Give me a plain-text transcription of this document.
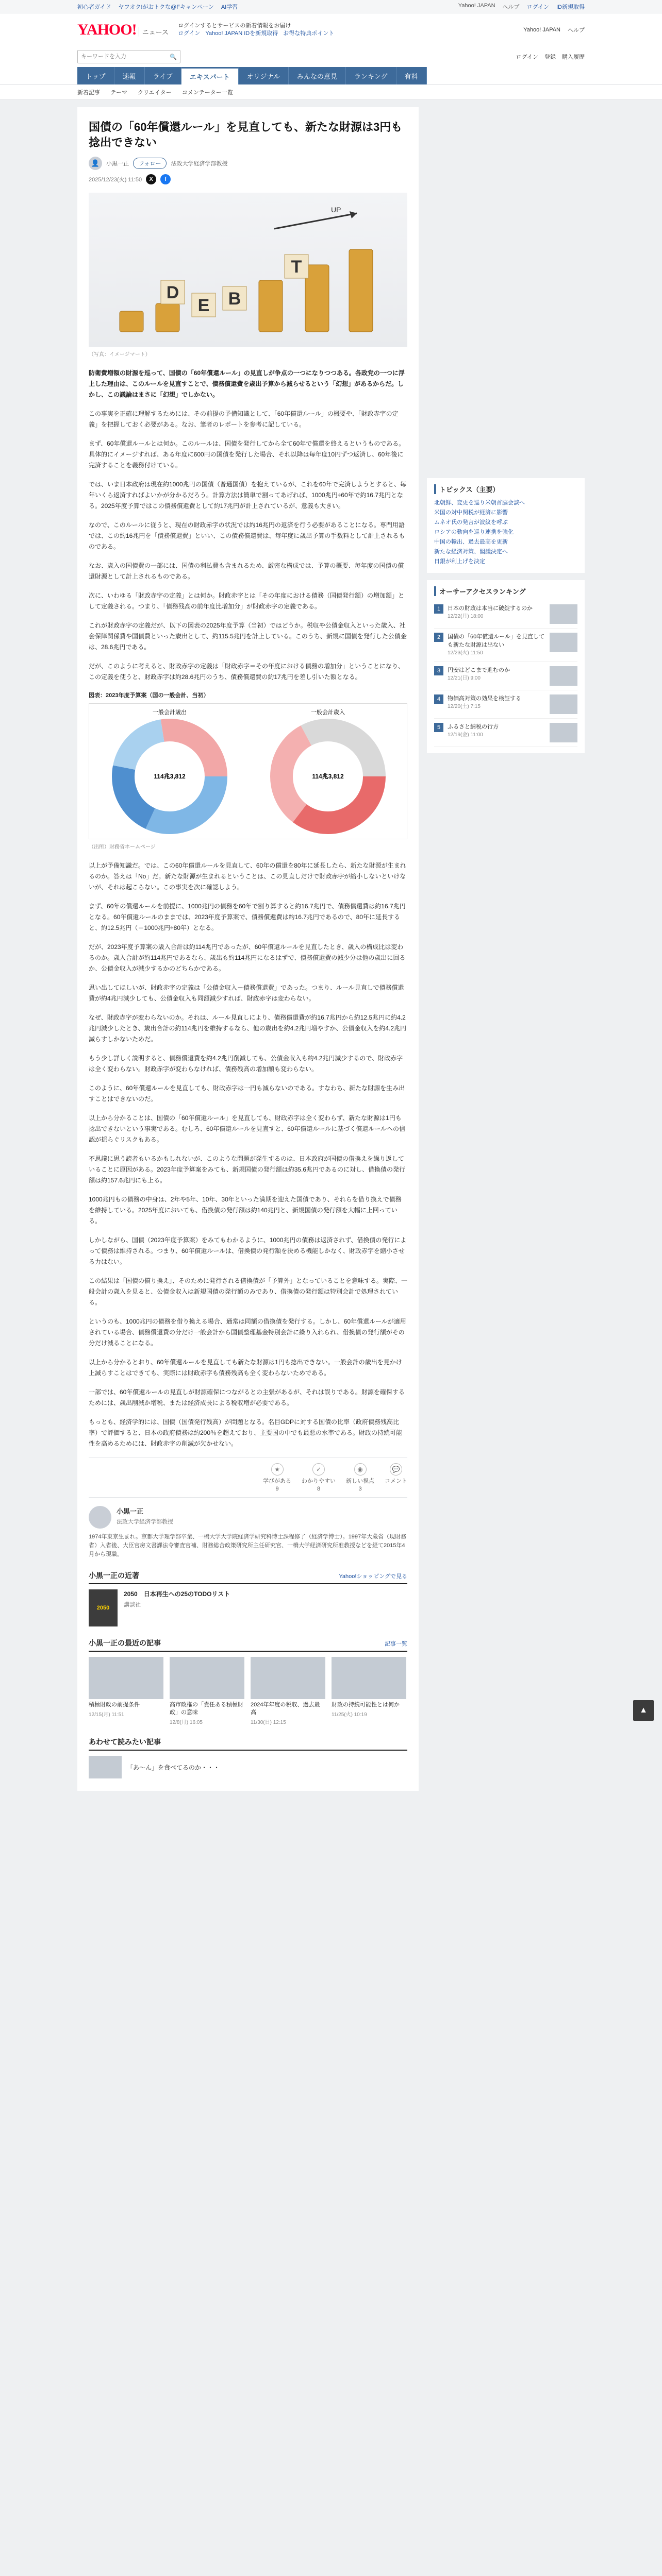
初心者ガイド ヤフオク!がおトクな@Fキャンペーン AI学習	Yahoo! JAPAN ヘルプ ログイン ID新規取得
YAHOO! ニュース
ログインするとサービスの新着情報をお届け
ログイン Yahoo! JAPAN IDを新規取得 お得な特典ポイント
Yahoo! JAPAN ヘルプ
キーワードを入力
🔍	ログイン 登録 購入履歴
トップ	速報	ライブ	エキスパート	オリジナル	みんなの意見	ランキング	有料
新着記事 テーマ クリエイター コメンテーター一覧
国債の「60年償還ルール」を見直しても、新たな財源は3円も捻出できない
👤	小黒一正	フォロー	法政大学経済学部教授
2025/12/23(火) 11:50	X	f
D
E B
T
UP
（写真：イメージマート）

防衛費増額の財源を巡って、国債の「60年償還ルール」の見直しが争点の一つになりつつある。各政党の一つに浮上した理由は、このルールを見直すことで、債務償還費を歳出予算から減らせるという「幻想」があるからだ。しかし、この議論はまさに「幻想」でしかない。

この事実を正確に理解するためには、その前提の予備知識として、「60年償還ルール」の概要や、「財政赤字の定義」を把握しておく必要がある。なお、筆者のレポートを参考に記している。

まず、60年償還ルールとは何か。このルールは、国債を発行してから全て60年で償還を終えるというものである。具体的にイメージすれば、ある年度に600円の国債を発行した場合、それ以降は毎年度10円ずつ返済し、60年後に完済することを義務付けている。

では、いま日本政府は現在約1000兆円の国債（普通国債）を抱えているが、これを60年で完済しようとすると、毎年いくら返済すればよいかが分かるだろう。計算方法は簡単で割ってあげれば、1000兆円÷60年で約16.7兆円となる。2025年度予算ではこの債務償還費として約17兆円が計上されているが、意義も大きい。

なので、このルールに従うと、現在の財政赤字の状況では約16兆円の返済を行う必要があることになる。専門用語では、この約16兆円を「債務償還費」といい、この債務償還費は、毎年度に歳出予算の手数料として計上されるものである。

なお、歳入の国債費の一部には、国債の利払費も含まれるため、厳密な構成では、予算の概要、毎年度の国債の償還財源として計上されるものである。

次に、いわゆる「財政赤字の定義」とは何か。財政赤字とは「その年度における債務（国債発行額）の増加額」として定義される。つまり、「債務残高の前年度比増加分」が財政赤字の定義である。

これが財政赤字の定義だが、以下の図表の2025年度予算（当初）ではどうか。税収や公債金収入といった歳入、社会保障関係費や国債費といった歳出として、約115.5兆円を計上している。このうち、新規に国債を発行した公債金は、28.6兆円である。

だが、このように考えると、財政赤字の定義は「財政赤字＝その年度における債務の増加分」ということになり、この定義を使うと、財政赤字は約28.6兆円のうち、債務償還費の約17兆円を差し引いた額となる。

図表：2023年度予算案（国の一般会計、当初）
一般会計歳出
114兆3,812
一般会計歳入
114兆3,812
（出所）財務省ホームページ

以上が予備知識だ。では、この60年償還ルールを見直して、60年の償還を80年に延長したら、新たな財源が生まれるのか。答えは「No」だ。新たな財源が生まれるということは、この見直しだけで財政赤字が縮小しないといけないが、それは起こらない。この事実を次に確認しよう。

まず、60年の償還ルールを前提に、1000兆円の債務を60年で割り算すると約16.7兆円で、債務償還費は約16.7兆円となる。60年償還ルールのままでは、2023年度予算案で、債務償還費は約16.7兆円であるので、80年に延長すると、約12.5兆円（＝1000兆円÷80年）となる。

だが、2023年度予算案の歳入合計は約114兆円であったが、60年償還ルールを見直したとき、歳入の構成比は変わるのか。歳入合計が約114兆円であるなら、歳出も約114兆円になるはずで、債務償還費の減少分は他の歳出に回るか、公債金収入が減少するかのどちらかである。

思い出してほしいが、財政赤字の定義は「公債金収入－債務償還費」であった。つまり、ルール見直しで債務償還費が約4兆円減少しても、公債金収入も同額減少すれば、財政赤字は変わらない。

なぜ、財政赤字が変わらないのか。それは、ルール見直しにより、債務償還費が約16.7兆円から約12.5兆円に約4.2兆円減少したとき、歳出合計の約114兆円を維持するなら、他の歳出を約4.2兆円増やすか、公債金収入を約4.2兆円減らすしかないためだ。

もう少し詳しく説明すると、債務償還費を約4.2兆円削減しても、公債金収入も約4.2兆円減少するので、財政赤字は全く変わらない。財政赤字が変わらなければ、債務残高の増加額も変わらない。

このように、60年償還ルールを見直しても、財政赤字は一円も減らないのである。すなわち、新たな財源を生み出すことはできないのだ。

以上から分かることは、国債の「60年償還ルール」を見直しても、財政赤字は全く変わらず、新たな財源は1円も捻出できないという事実である。むしろ、60年償還ルールを見直すと、60年償還ルールに基づく償還ルールへの信認が揺らぐリスクもある。

不思議に思う読者もいるかもしれないが、このような問題が発生するのは、日本政府が国債の借換えを繰り返していることに原因がある。2023年度予算案をみても、新規国債の発行額は約35.6兆円であるのに対し、借換債の発行額は約157.6兆円にも上る。

1000兆円もの債務の中身は、2年や5年、10年、30年といった満期を迎えた国債であり、それらを借り換えで債務を維持している。2025年度においても、借換債の発行額は約140兆円と、新規国債の発行額を大幅に上回っている。

しかしながら、国債（2023年度予算案）をみてもわかるように、1000兆円の債務は返済されず、借換債の発行によって債務は維持される。つまり、60年償還ルールは、借換債の発行額を決める機能しかなく、財政赤字を縮小させる力はない。

この結果は「国債の償り換え」、そのために発行される借換債が「予算外」となっていることを意味する。実際、一般会計の歳入を見ると、公債金収入は新規国債の発行額のみであり、借換債の発行額は特別会計で処理されている。

というのも、1000兆円の債務を借り換える場合、通常は同額の借換債を発行する。しかし、60年償還ルールが適用されている場合、債務償還費の分だけ一般会計から国債整理基金特別会計に繰り入れられ、借換債の発行額がその分だけ減ることになる。

以上から分かるとおり、60年償還ルールを見直しても新たな財源は1円も捻出できない。一般会計の歳出を見かけ上減らすことはできても、実際には財政赤字も債務残高も全く変わらないためである。

一部では、60年償還ルールの見直しが財源確保につながるとの主張があるが、それは誤りである。財源を確保するためには、歳出削減か増税、または経済成長による税収増が必要である。

もっとも、経済学的には、国債（国債発行残高）が問題となる。名目GDPに対する国債の比率（政府債務残高比率）で評価すると、日本の政府債務は約200％を超えており、主要国の中でも最悪の水準である。財政の持続可能性を高めるためには、財政赤字の削減が欠かせない。

★
学びがある
9
✓
わかりやすい
8
◉
新しい視点
3
💬
コメント
小黒一正
法政大学経済学部教授
1974年東京生まれ。京都大学理学部卒業、一橋大学大学院経済学研究科博士課程修了（経済学博士）。1997年大蔵省（現財務省）入省後、大臣官房文書課法令審査官補、財務総合政策研究所主任研究官、一橋大学経済研究所准教授などを経て2015年4月から現職。
小黒一正の近著	Yahoo!ショッピングで見る
2050
2050　日本再生への25のTODOリスト
講談社
小黒一正の最近の記事	記事一覧
積極財政の前提条件
12/15(月) 11:51
高市政権の「責任ある積極財政」の意味
12/8(月) 16:05
2024年年度の税収、過去最高
11/30(日) 12:15
財政の持続可能性とは何か
11/25(火) 10:19
あわせて読みたい記事
「あ～ん」を食べてるのか・・・
トピックス（主要）
北朝鮮、変更を巡り米朝首脳会談へ
米国の対中関税が経済に影響
ムネオ氏の発言が波紋を呼ぶ
ロシアの動向を巡り連携を強化
中国の輸出、過去最高を更新
新たな経済対策、閣議決定へ
日銀が利上げを決定
オーサーアクセスランキング
1	日本の財政は本当に破綻するのか
12/22(月) 18:00
2	国債の「60年償還ルール」を見直しても新たな財源は出ない
12/23(火) 11:50
3	円安はどこまで進むのか
12/21(日) 9:00
4	物価高対策の効果を検証する
12/20(土) 7:15
5	ふるさと納税の行方
12/19(金) 11:00
▲
